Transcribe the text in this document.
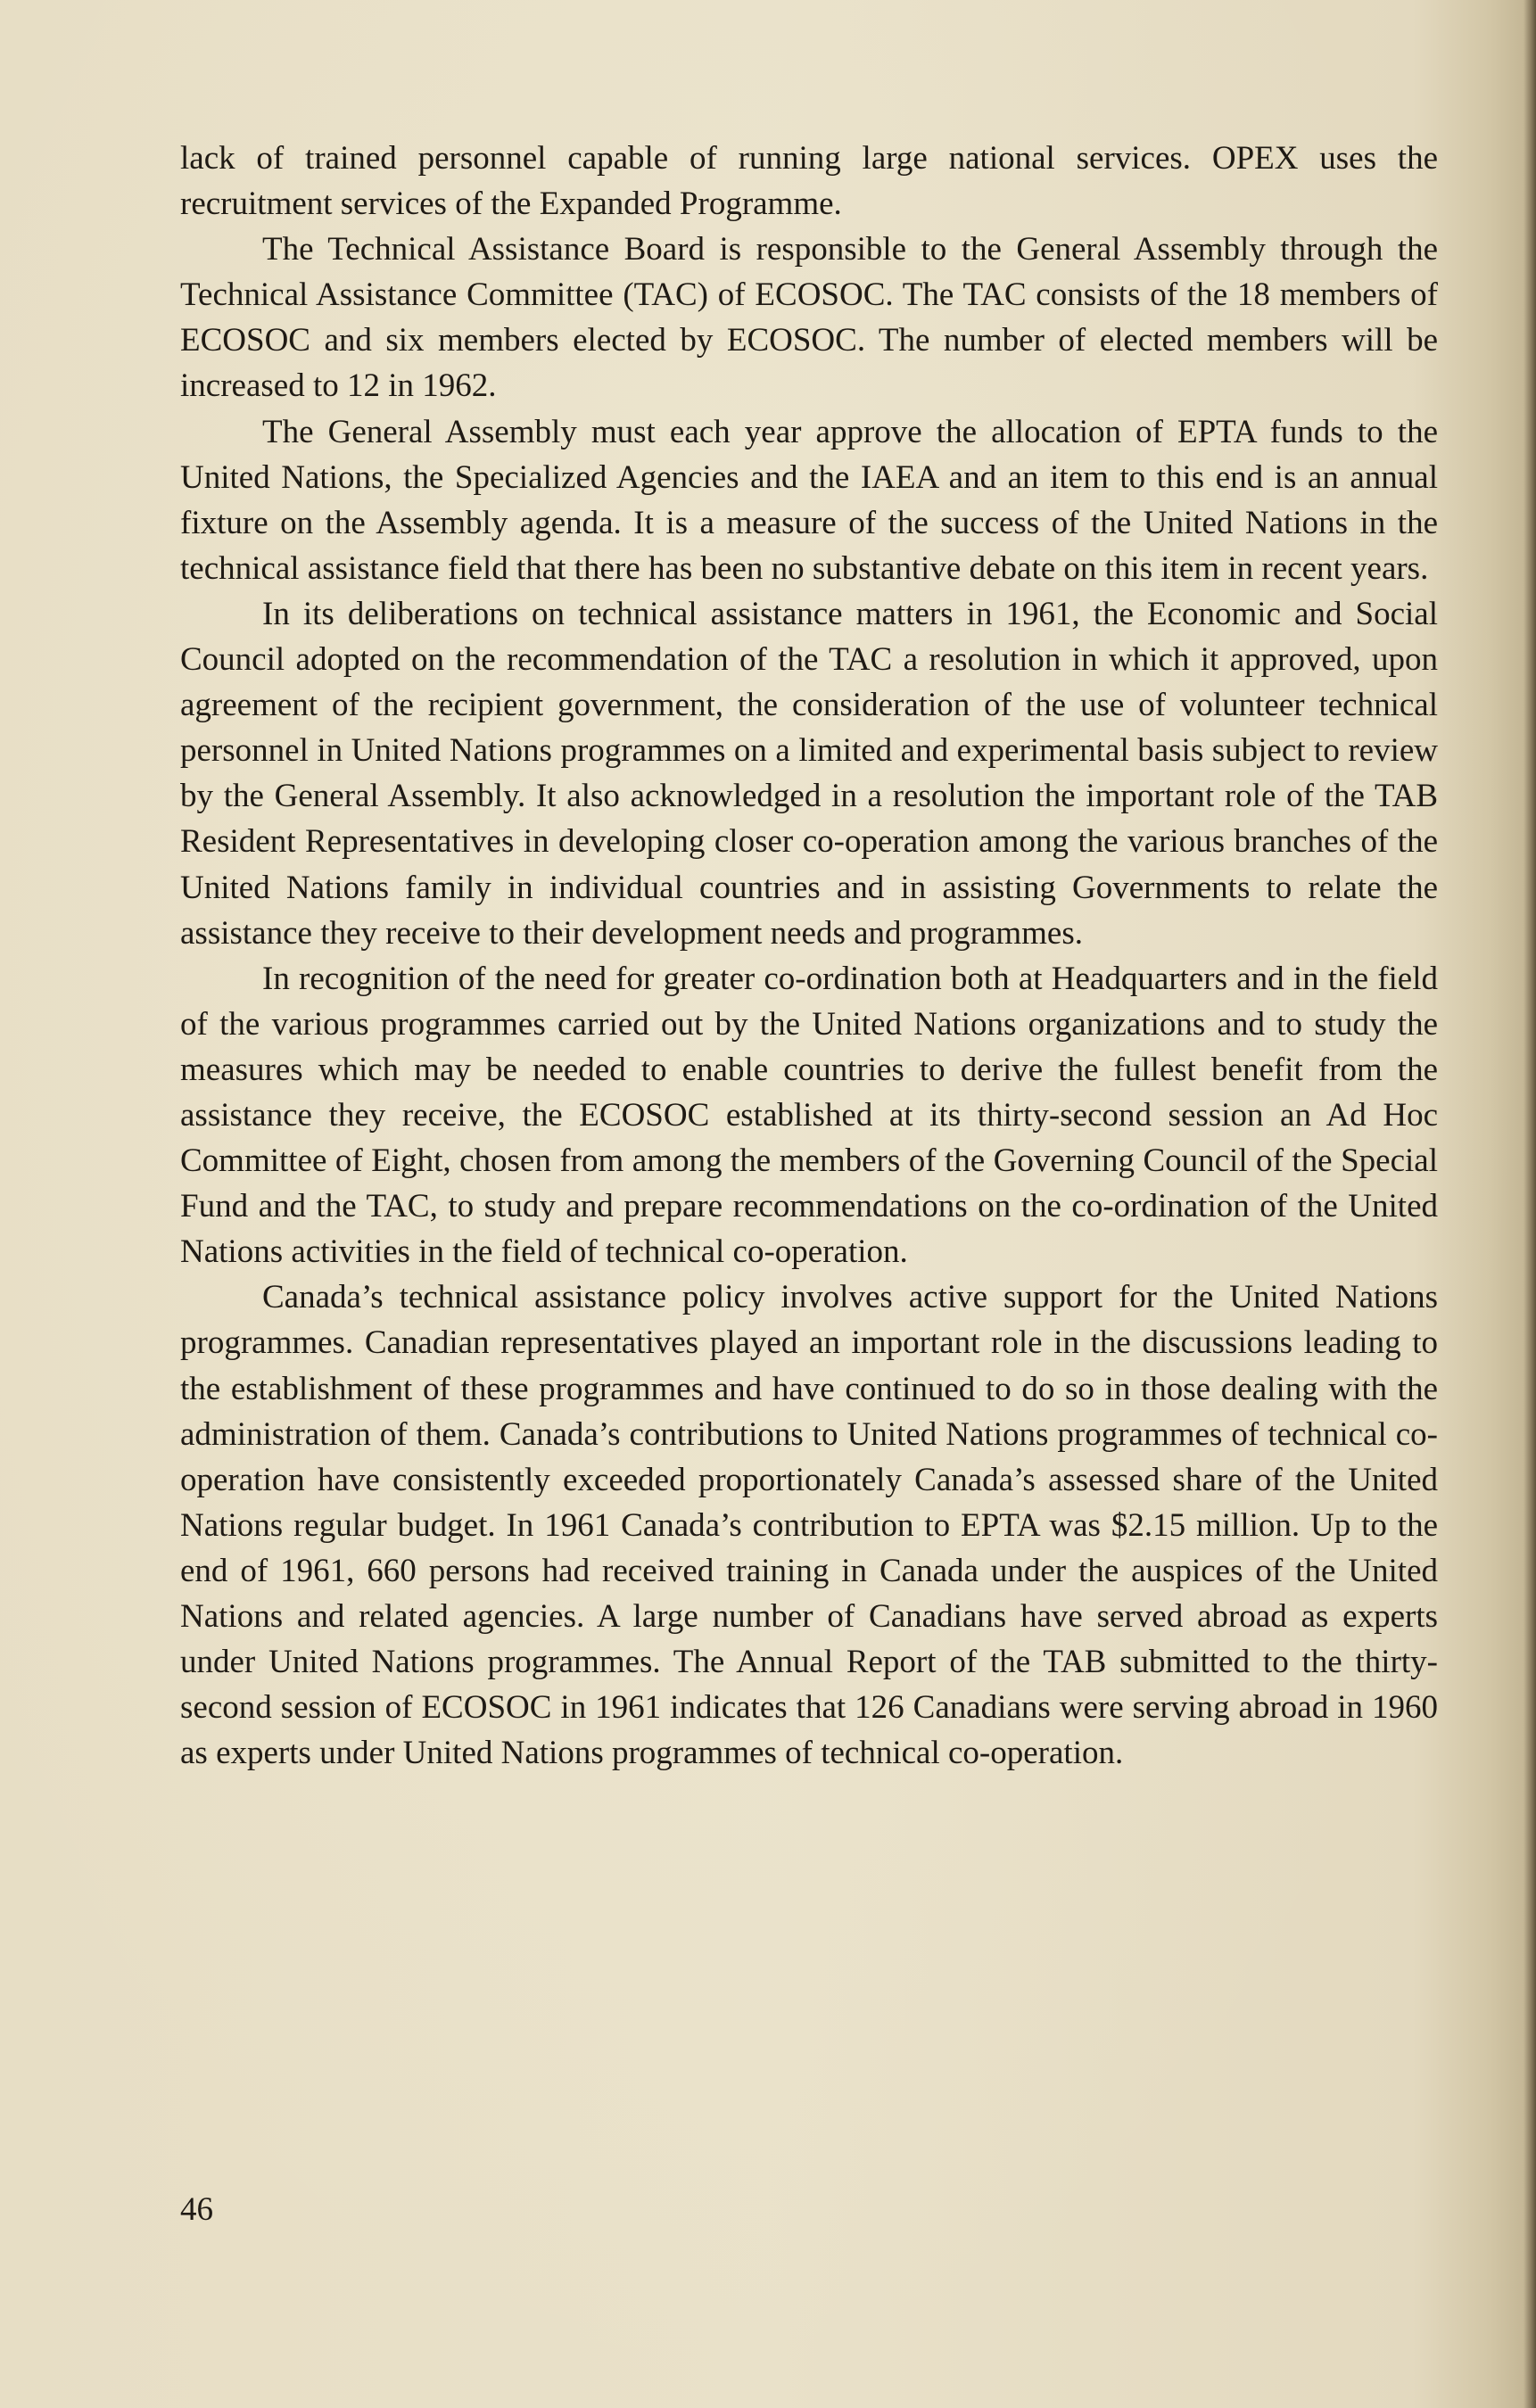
lack of trained personnel capable of running large national services. OPEX uses the recruitment services of the Expanded Programme.

The Technical Assistance Board is responsible to the General Assembly through the Technical Assistance Committee (TAC) of ECOSOC. The TAC consists of the 18 members of ECOSOC and six members elected by ECOSOC. The number of elected members will be increased to 12 in 1962.

The General Assembly must each year approve the allocation of EPTA funds to the United Nations, the Specialized Agencies and the IAEA and an item to this end is an annual fixture on the Assembly agenda. It is a measure of the success of the United Nations in the technical assistance field that there has been no substantive debate on this item in recent years.

In its deliberations on technical assistance matters in 1961, the Economic and Social Council adopted on the recommendation of the TAC a resolution in which it approved, upon agreement of the recipient government, the consideration of the use of volunteer technical personnel in United Nations programmes on a limited and experimental basis subject to review by the General Assembly. It also acknowledged in a resolution the important role of the TAB Resident Representatives in developing closer co-operation among the various branches of the United Nations family in individual countries and in assisting Governments to relate the assistance they receive to their development needs and programmes.

In recognition of the need for greater co-ordination both at Headquarters and in the field of the various programmes carried out by the United Nations organizations and to study the measures which may be needed to enable countries to derive the fullest benefit from the assistance they receive, the ECOSOC established at its thirty-second session an Ad Hoc Committee of Eight, chosen from among the members of the Governing Council of the Special Fund and the TAC, to study and prepare recommendations on the co-ordination of the United Nations activities in the field of technical co-operation.

Canada’s technical assistance policy involves active support for the United Nations programmes. Canadian representatives played an important role in the discussions leading to the establishment of these programmes and have continued to do so in those dealing with the administration of them. Canada’s contributions to United Nations programmes of technical co-operation have consistently exceeded proportionately Canada’s assessed share of the United Nations regular budget. In 1961 Canada’s contribution to EPTA was $2.15 million. Up to the end of 1961, 660 persons had received training in Canada under the auspices of the United Nations and related agencies. A large number of Canadians have served abroad as experts under United Nations programmes. The Annual Report of the TAB submitted to the thirty-second session of ECOSOC in 1961 indicates that 126 Canadians were serving abroad in 1960 as experts under United Nations programmes of technical co-operation.

46
